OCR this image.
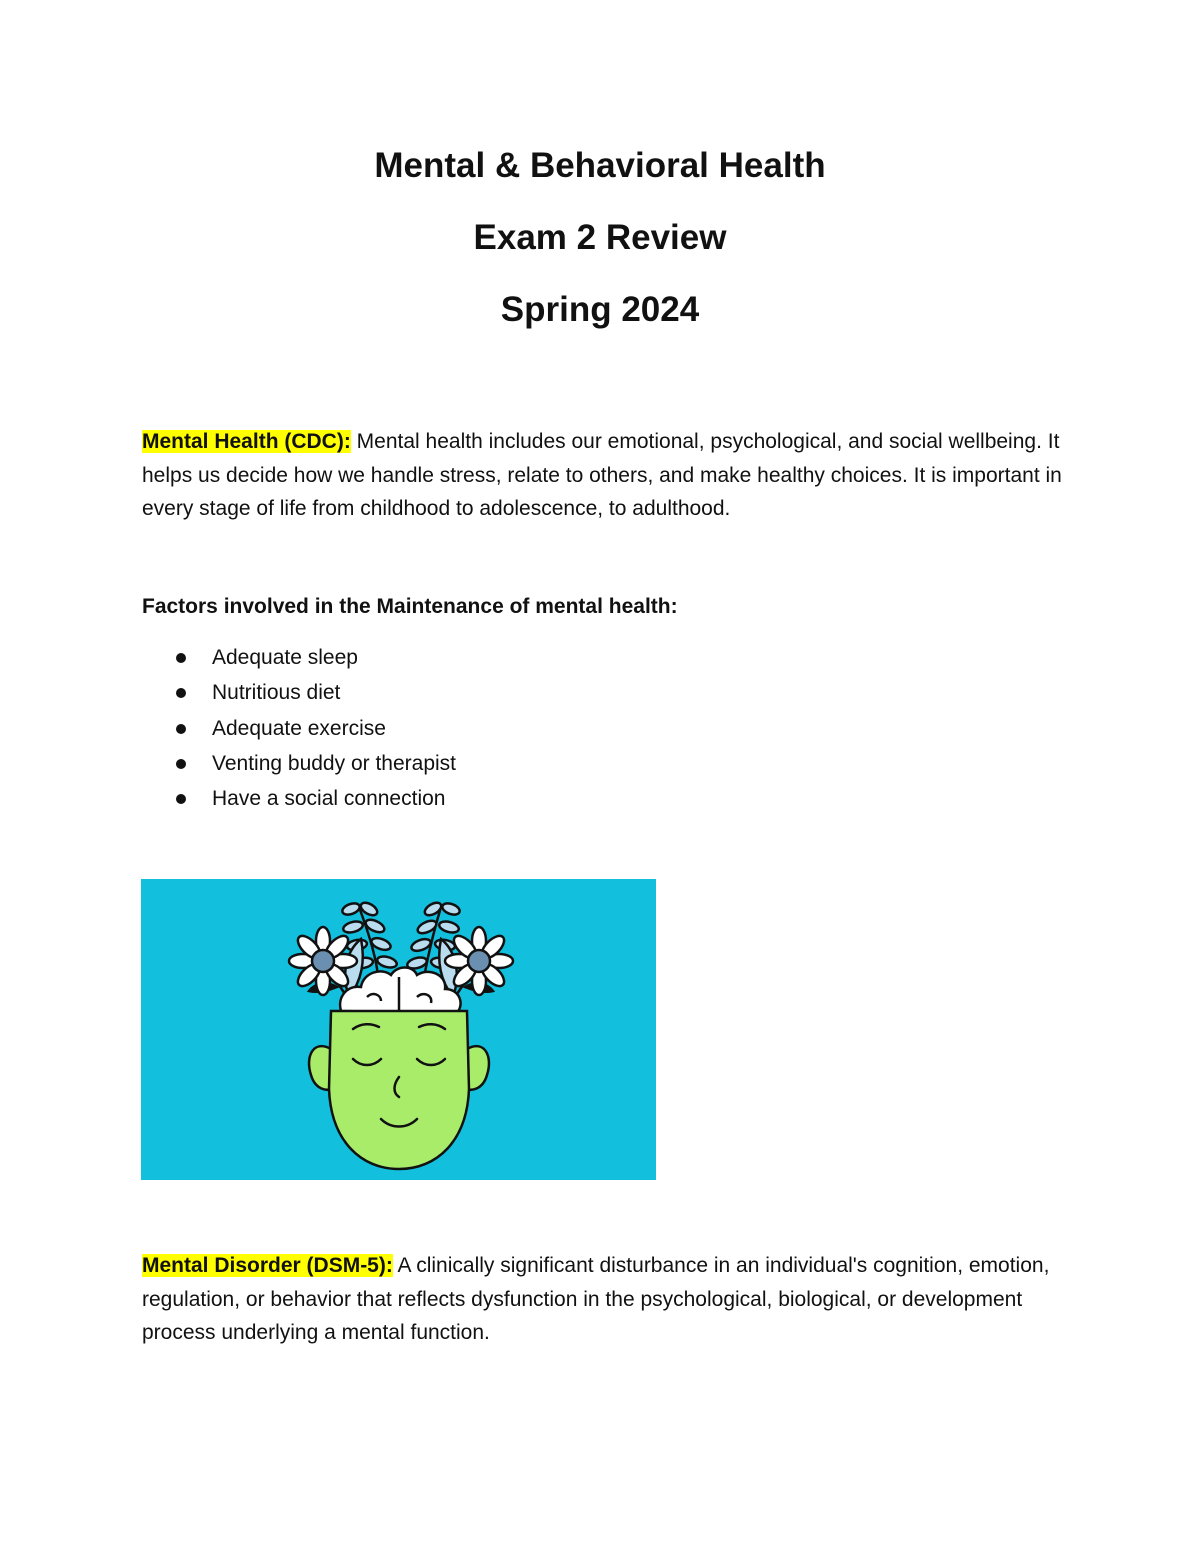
Mental & Behavioral Health
Exam 2 Review
Spring 2024
Mental Health (CDC): Mental health includes our emotional, psychological, and social wellbeing. It helps us decide how we handle stress, relate to others, and make healthy choices. It is important in every stage of life from childhood to adolescence, to adulthood.
Factors involved in the Maintenance of mental health:
Adequate sleep
Nutritious diet
Adequate exercise
Venting buddy or therapist
Have a social connection
Mental Disorder (DSM-5): A clinically significant disturbance in an individual's cognition, emotion, regulation, or behavior that reflects dysfunction in the psychological, biological, or development process underlying a mental function.
